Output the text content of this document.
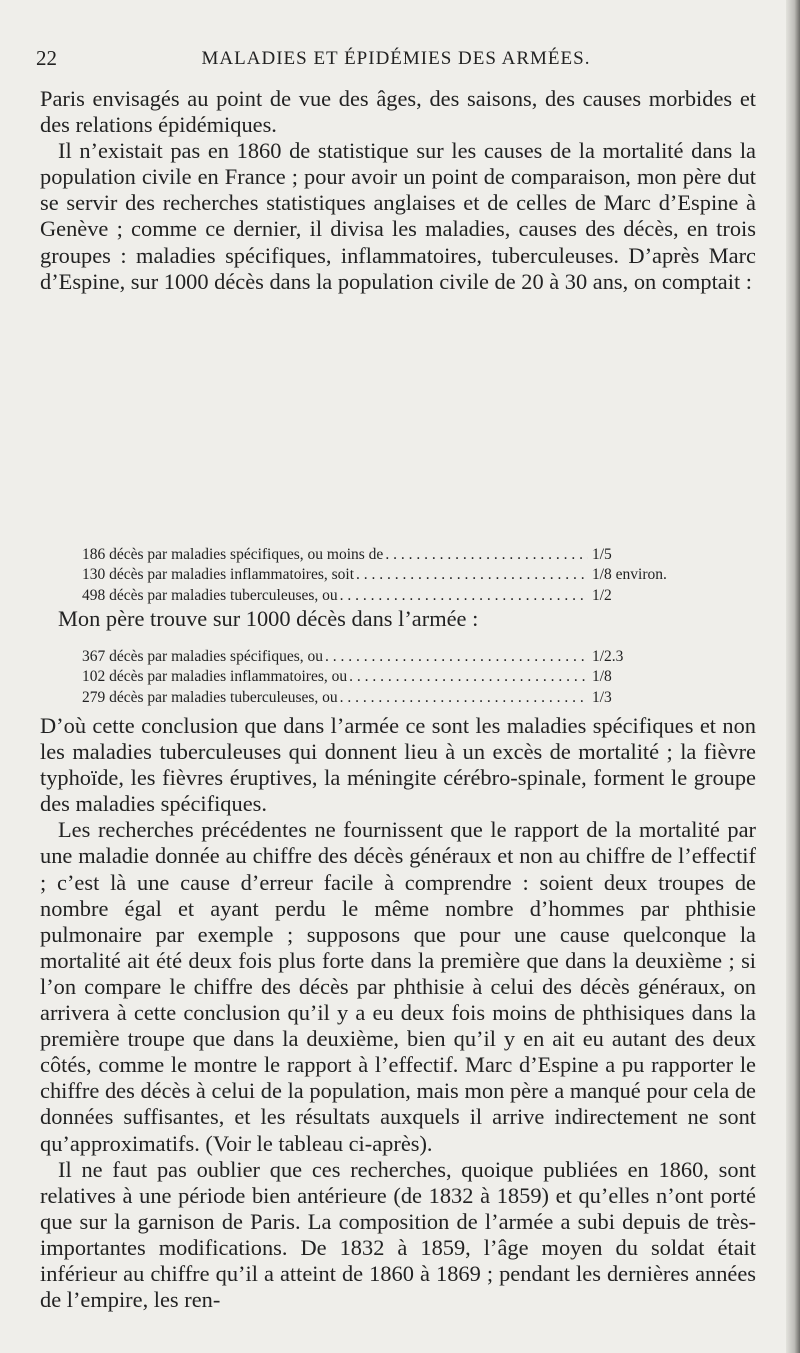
22	MALADIES ET ÉPIDÉMIES DES ARMÉES.

Paris envisagés au point de vue des âges, des saisons, des causes morbides et des relations épidémiques.

Il n’existait pas en 1860 de statistique sur les causes de la mortalité dans la population civile en France ; pour avoir un point de comparaison, mon père dut se servir des recherches statistiques anglaises et de celles de Marc d’Espine à Genève ; comme ce dernier, il divisa les maladies, causes des décès, en trois groupes : maladies spécifiques, inflammatoires, tuberculeuses. D’après Marc d’Espine, sur 1000 décès dans la population civile de 20 à 30 ans, on comptait :

186 décès par maladies spécifiques, ou moins de . . .	1/5
130 décès par maladies inflammatoires, soit . . .	1/8 environ.
498 décès par maladies tuberculeuses, ou . . .	1/2

Mon père trouve sur 1000 décès dans l’armée :

367 décès par maladies spécifiques, ou . . .	1/2.3
102 décès par maladies inflammatoires, ou . . .	1/8
279 décès par maladies tuberculeuses, ou . . .	1/3

D’où cette conclusion que dans l’armée ce sont les maladies spécifiques et non les maladies tuberculeuses qui donnent lieu à un excès de mortalité ; la fièvre typhoïde, les fièvres éruptives, la méningite cérébro-spinale, forment le groupe des maladies spécifiques.

Les recherches précédentes ne fournissent que le rapport de la mortalité par une maladie donnée au chiffre des décès généraux et non au chiffre de l’effectif ; c’est là une cause d’erreur facile à comprendre : soient deux troupes de nombre égal et ayant perdu le même nombre d’hommes par phthisie pulmonaire par exemple ; supposons que pour une cause quelconque la mortalité ait été deux fois plus forte dans la première que dans la deuxième ; si l’on compare le chiffre des décès par phthisie à celui des décès généraux, on arrivera à cette conclusion qu’il y a eu deux fois moins de phthisiques dans la première troupe que dans la deuxième, bien qu’il y en ait eu autant des deux côtés, comme le montre le rapport à l’effectif. Marc d’Espine a pu rapporter le chiffre des décès à celui de la population, mais mon père a manqué pour cela de données suffisantes, et les résultats auxquels il arrive indirectement ne sont qu’approximatifs. (Voir le tableau ci-après).

Il ne faut pas oublier que ces recherches, quoique publiées en 1860, sont relatives à une période bien antérieure (de 1832 à 1859) et qu’elles n’ont porté que sur la garnison de Paris. La composition de l’armée a subi depuis de très-importantes modifications. De 1832 à 1859, l’âge moyen du soldat était inférieur au chiffre qu’il a atteint de 1860 à 1869 ; pendant les dernières années de l’empire, les ren-
